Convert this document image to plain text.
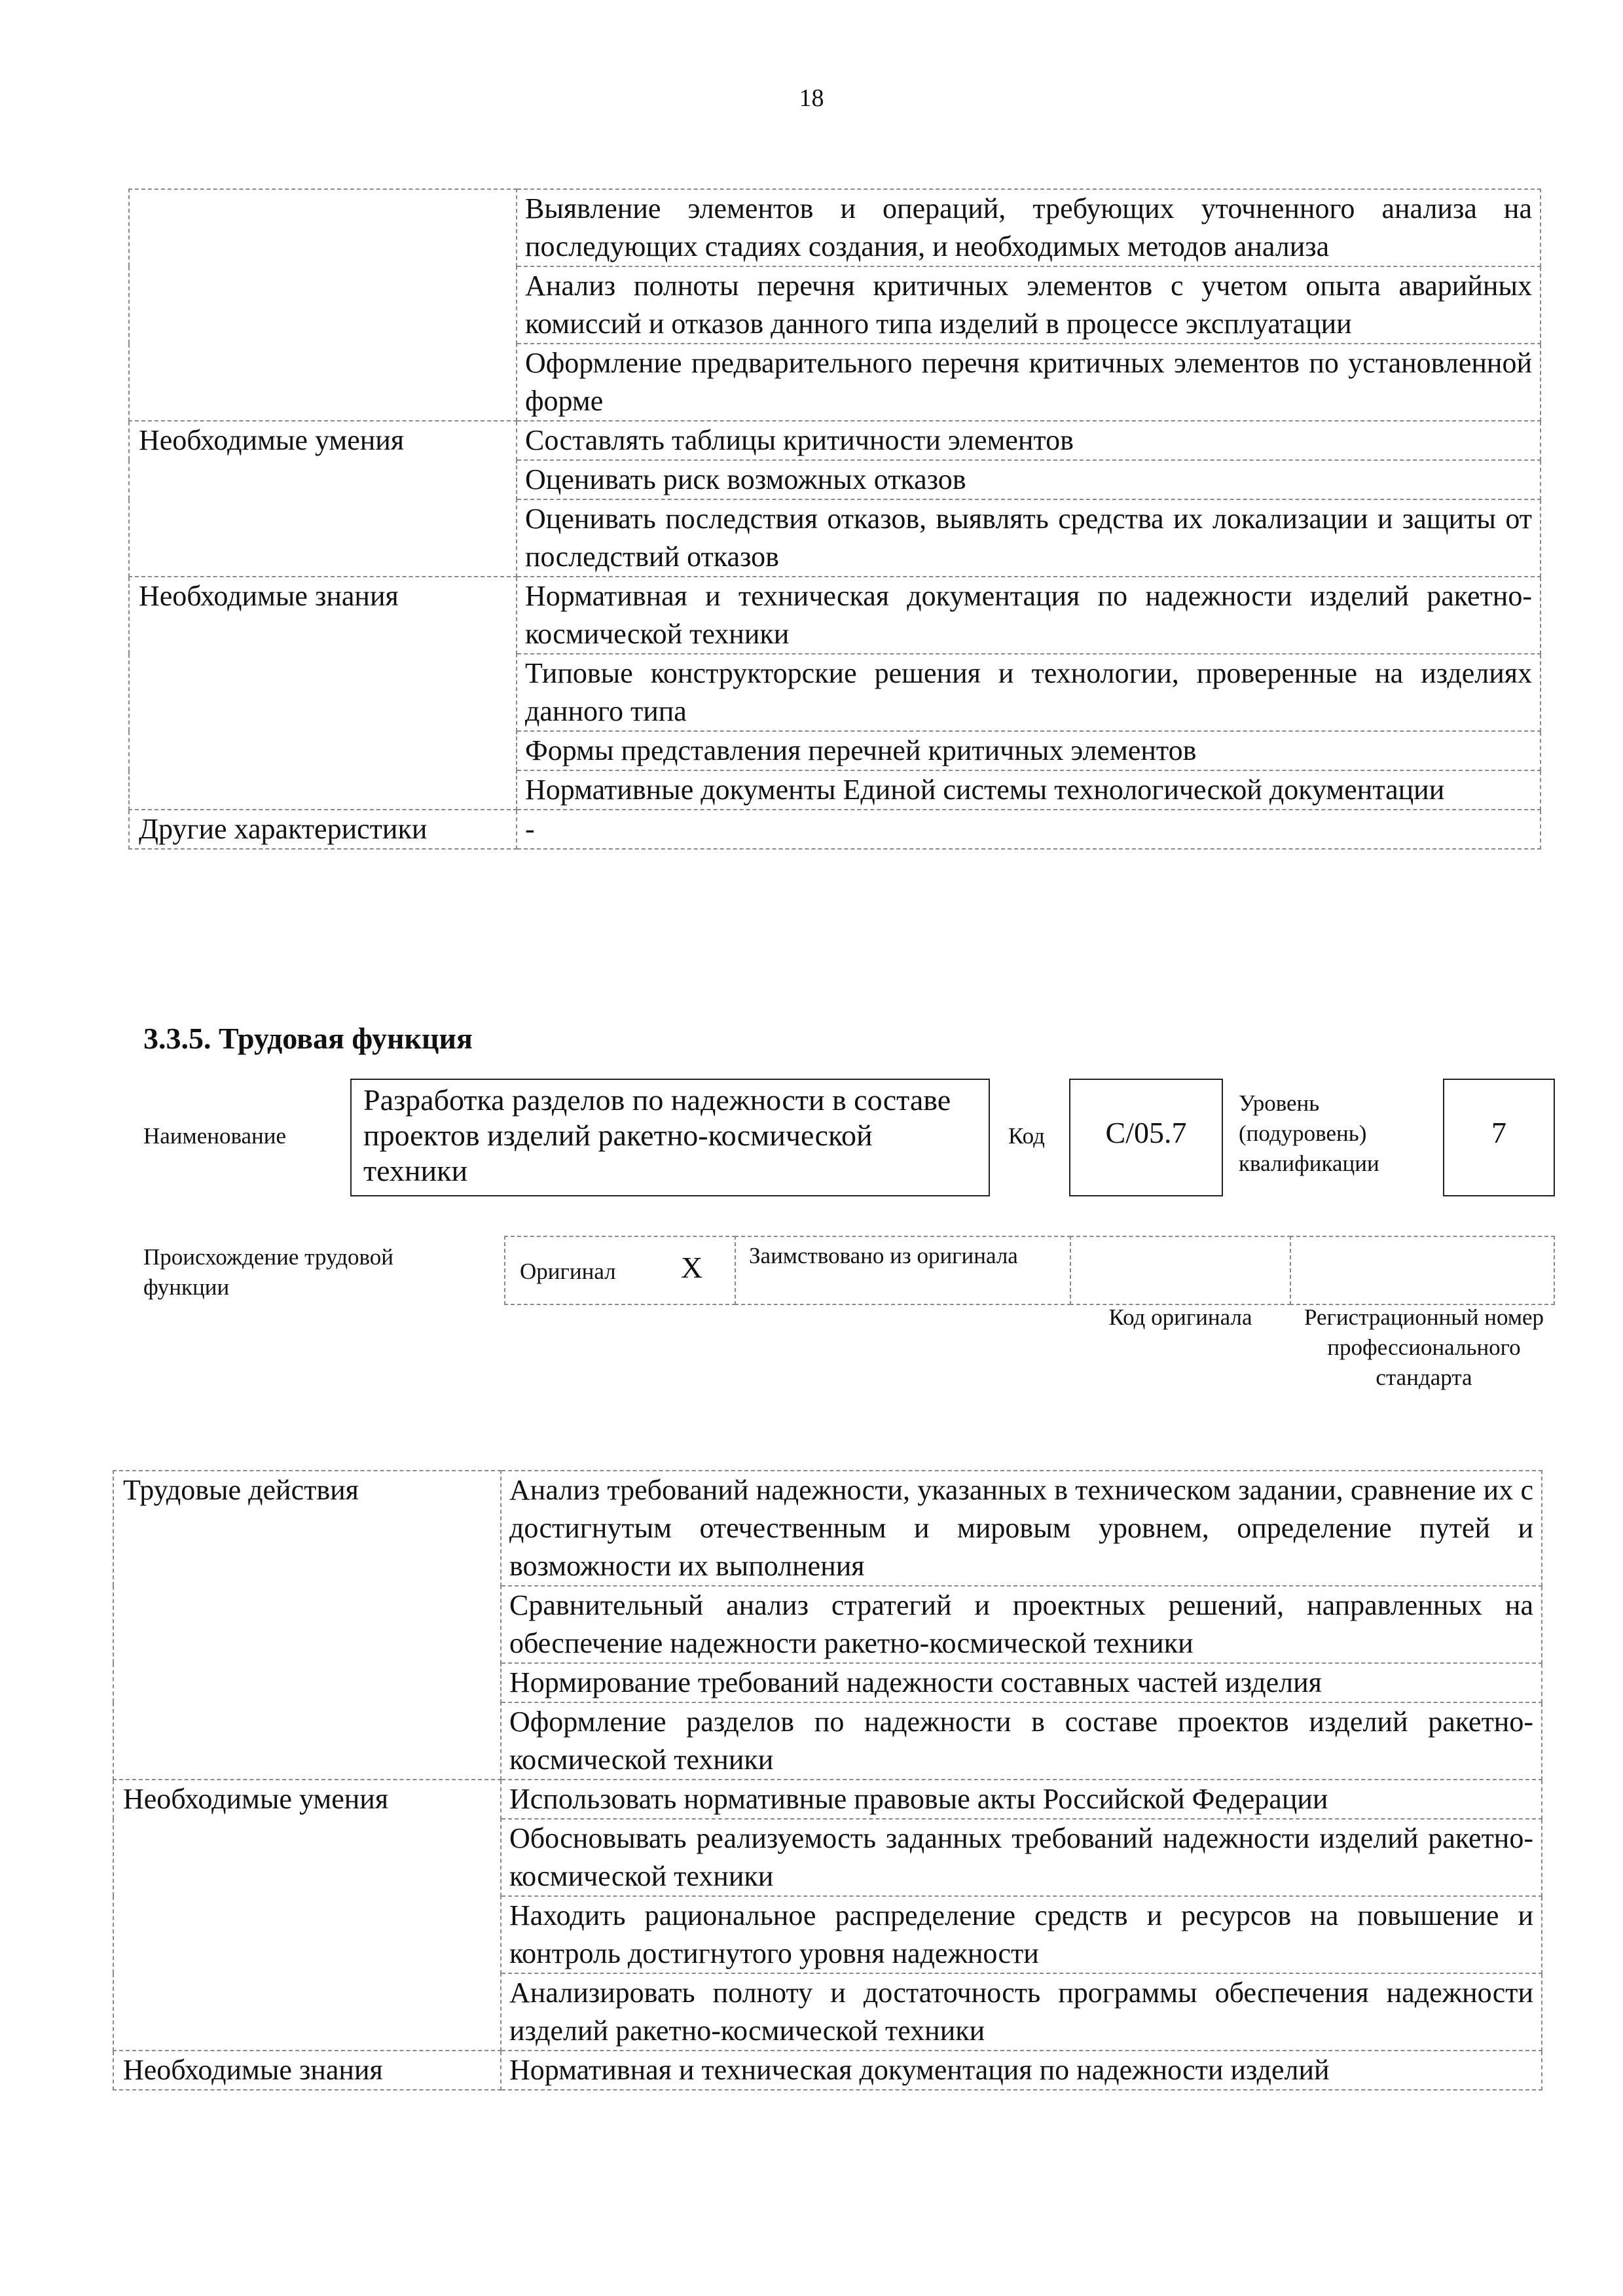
18
	Выявление элементов и операций, требующих уточненного анализа на последующих стадиях создания, и необходимых методов анализа
	Анализ полноты перечня критичных элементов с учетом опыта аварийных комиссий и отказов данного типа изделий в процессе эксплуатации
	Оформление предварительного перечня критичных элементов по установленной форме
Необходимые умения	Составлять таблицы критичности элементов
	Оценивать риск возможных отказов
	Оценивать последствия отказов, выявлять средства их локализации и защиты от последствий отказов
Необходимые знания	Нормативная и техническая документация по надежности изделий ракетно-космической техники
	Типовые конструкторские решения и технологии, проверенные на изделиях данного типа
	Формы представления перечней критичных элементов
	Нормативные документы Единой системы технологической документации
Другие характеристики	-
3.3.5. Трудовая функция
Наименование
Разработка разделов по надежности в составе проектов изделий ракетно-космической техники
Код	C/05.7
Уровень (подуровень) квалификации
7
Происхождение трудовой функции
Оригинал X Заимствовано из оригинала
Код оригинала	Регистрационный номер профессионального стандарта
Трудовые действия	Анализ требований надежности, указанных в техническом задании, сравнение их с достигнутым отечественным и мировым уровнем, определение путей и возможности их выполнения
	Сравнительный анализ стратегий и проектных решений, направленных на обеспечение надежности ракетно-космической техники
	Нормирование требований надежности составных частей изделия
	Оформление разделов по надежности в составе проектов изделий ракетно-космической техники
Необходимые умения	Использовать нормативные правовые акты Российской Федерации
	Обосновывать реализуемость заданных требований надежности изделий ракетно-космической техники
	Находить рациональное распределение средств и ресурсов на повышение и контроль достигнутого уровня надежности
	Анализировать полноту и достаточность программы обеспечения надежности изделий ракетно-космической техники
Необходимые знания	Нормативная и техническая документация по надежности изделий
